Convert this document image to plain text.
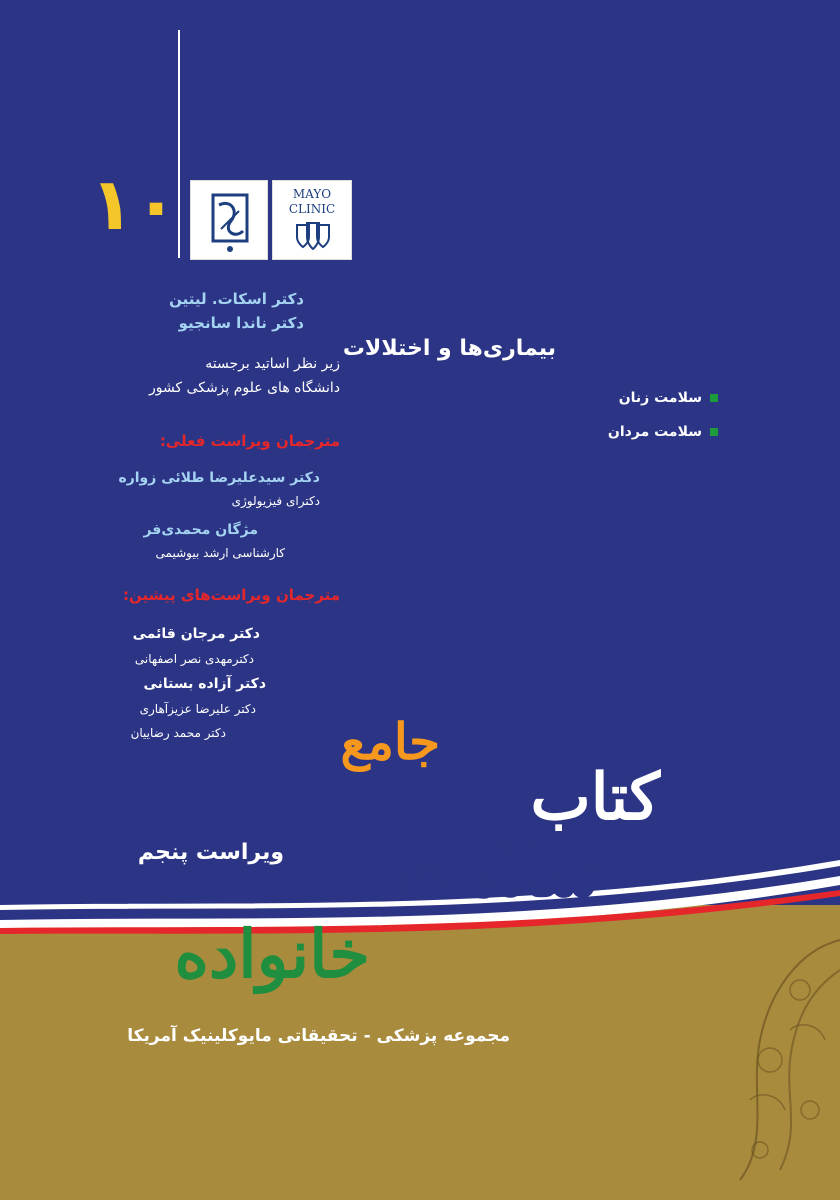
۱۰	MAYO
CLINIC
دکتر اسکات. لیتین
دکتر ناندا سانجیو
زیر نظر اساتید برجسته
دانشگاه های علوم پزشکی کشور
مترجمان ویراست فعلی:
دکتر سیدعلیرضا طلائی زواره
دکترای فیزیولوژی
مژگان محمدی‌فر
کارشناسی ارشد بیوشیمی
مترجمان ویراست‌های پیشین:
دکتر مرجان قائمی
دکترمهدی نصر اصفهانی
دکتر آزاده بستانی
دکتر علیرضا عزیزآهاری
دکتر محمد رضاییان
بیماری‌ها و اختلالات
سلامت زنان
سلامت مردان
ویراست پنجم
کتاب
جامع
سلامت
خانواده
مجموعه پزشکی - تحقیقاتی مایوکلینیک آمریکا
